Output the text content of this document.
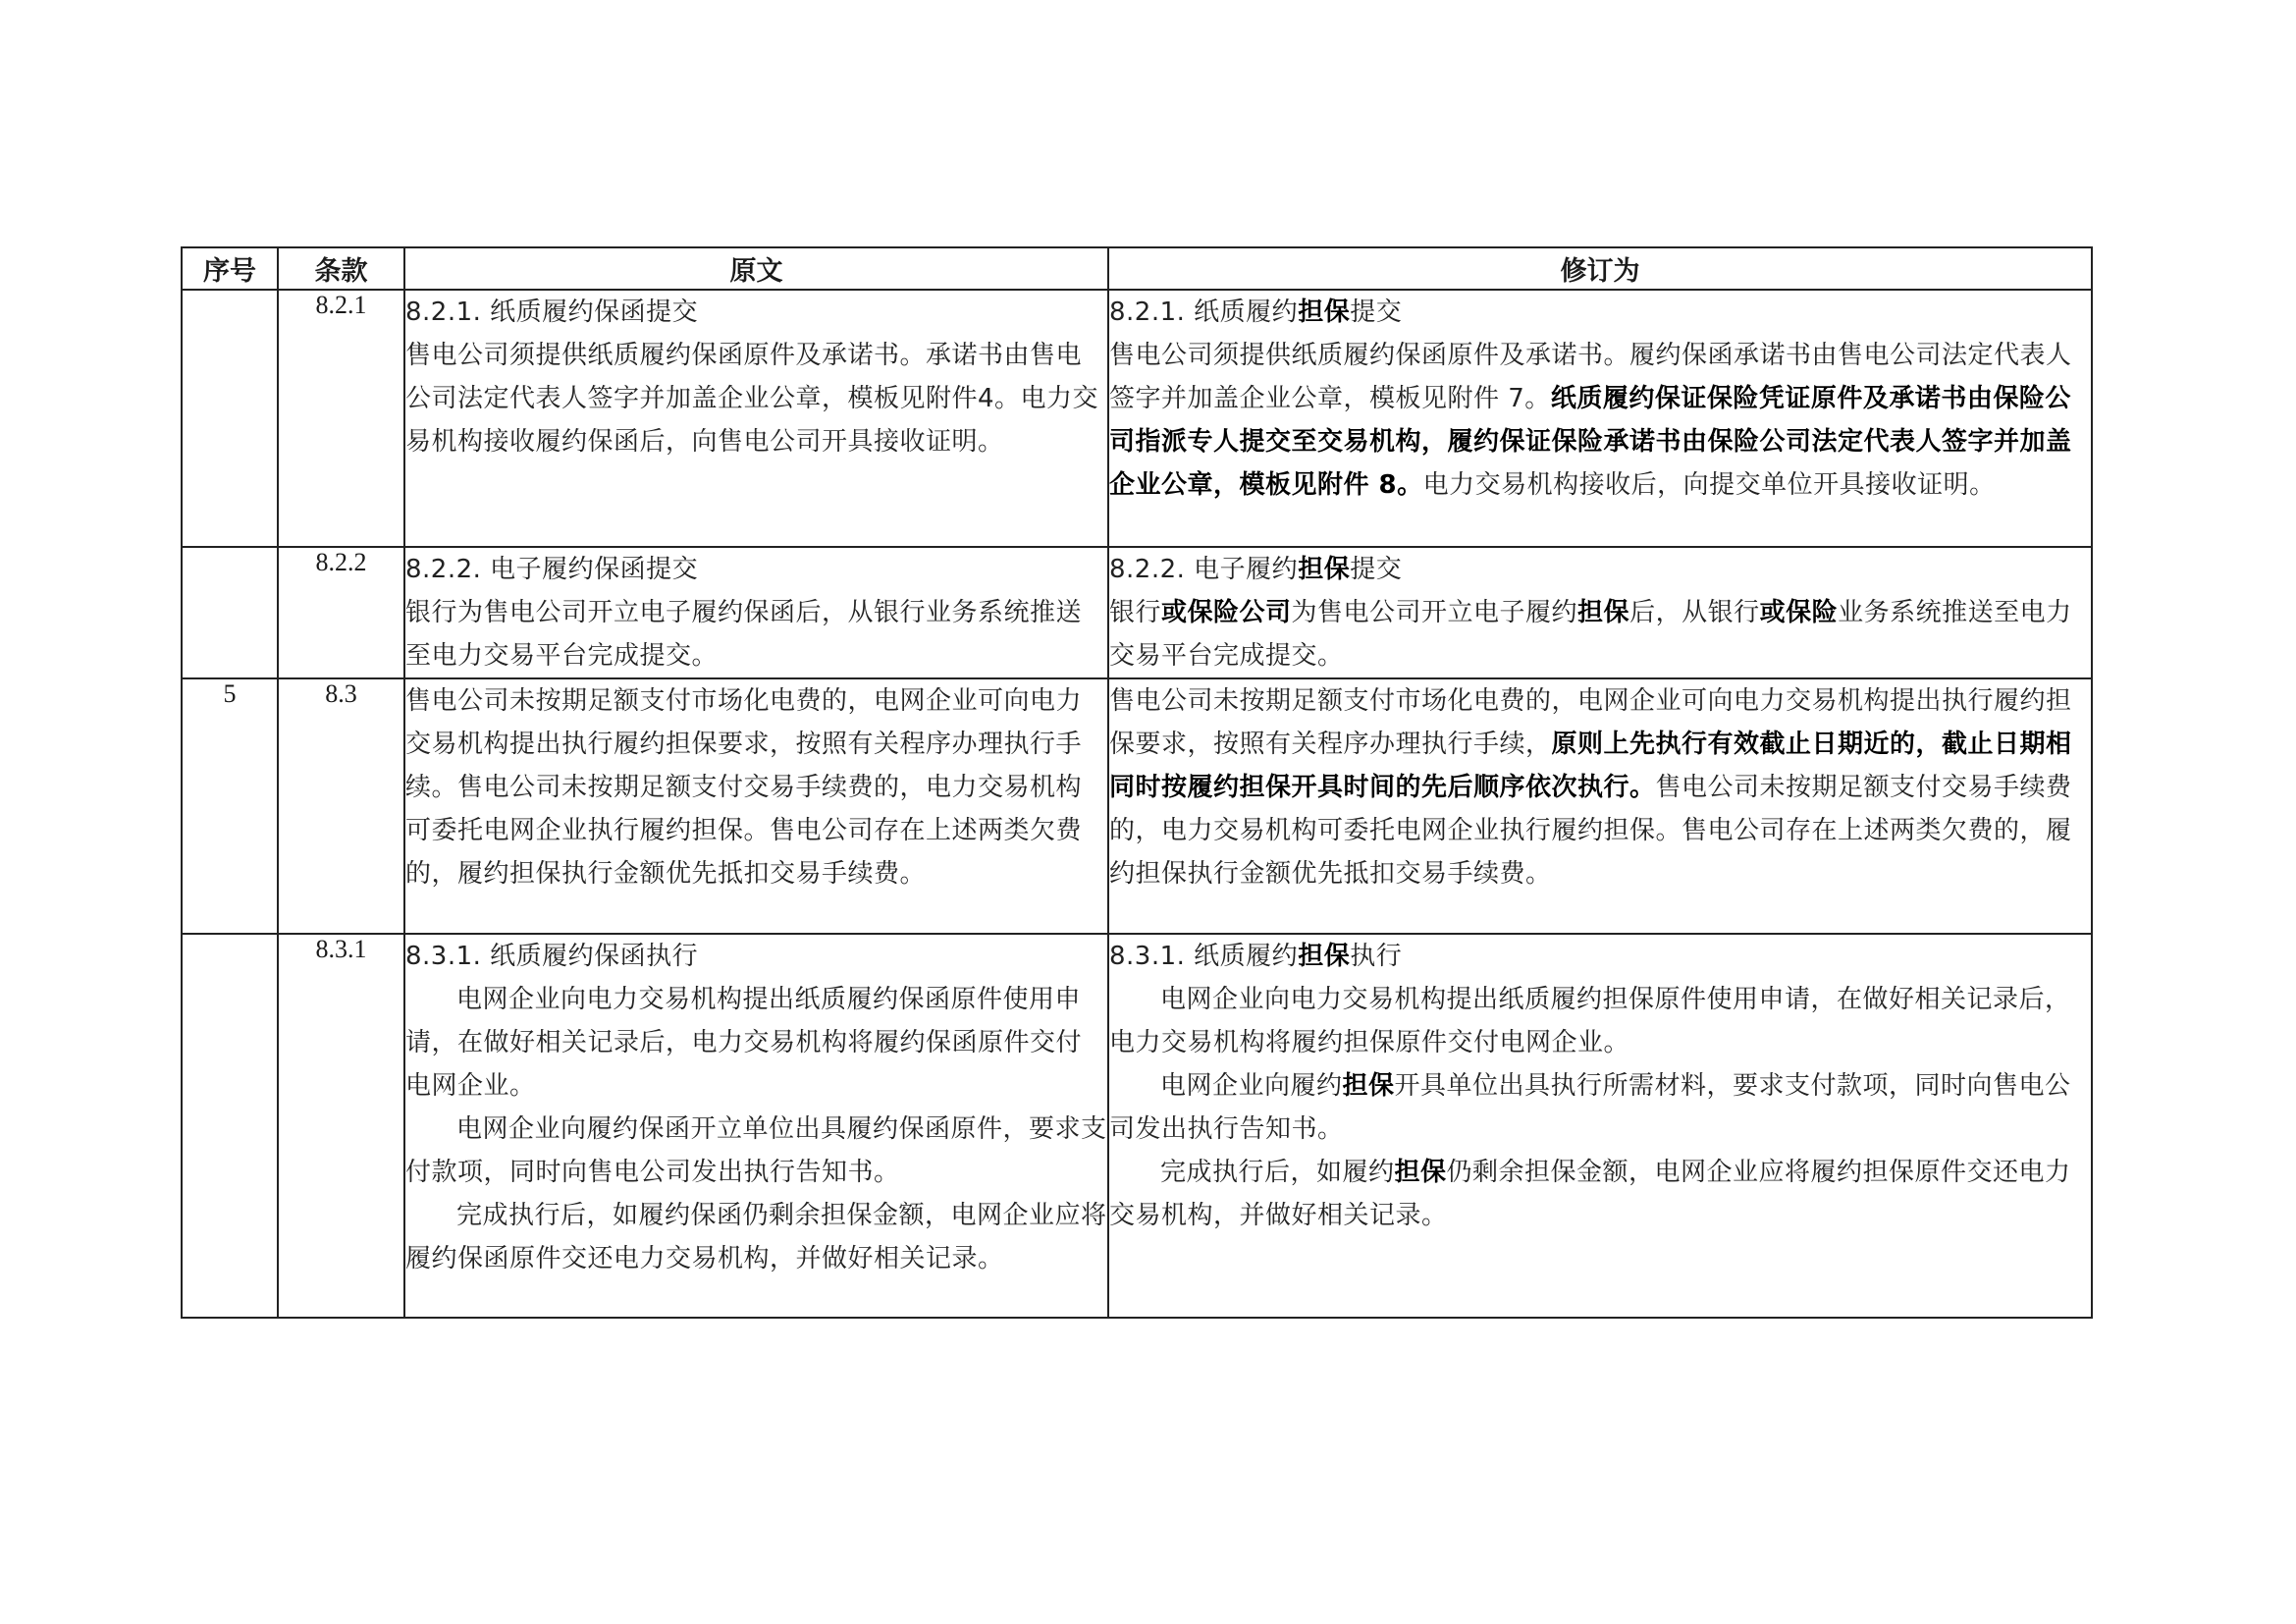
序号	条款	原文	修订为
	8.2.1	8.2.1. 纸质履约保函提交
售电公司须提供纸质履约保函原件及承诺书。承诺书由售电公司法定代表人签字并加盖企业公章，模板见附件4。电力交易机构接收履约保函后，向售电公司开具接收证明。	8.2.1. 纸质履约担保提交
售电公司须提供纸质履约保函原件及承诺书。履约保函承诺书由售电公司法定代表人签字并加盖企业公章，模板见附件 7。纸质履约保证保险凭证原件及承诺书由保险公司指派专人提交至交易机构，履约保证保险承诺书由保险公司法定代表人签字并加盖企业公章，模板见附件 8。电力交易机构接收后，向提交单位开具接收证明。

	8.2.2	8.2.2. 电子履约保函提交
银行为售电公司开立电子履约保函后，从银行业务系统推送至电力交易平台完成提交。	8.2.2. 电子履约担保提交
银行或保险公司为售电公司开立电子履约担保后，从银行或保险业务系统推送至电力交易平台完成提交。

5	8.3	售电公司未按期足额支付市场化电费的，电网企业可向电力交易机构提出执行履约担保要求，按照有关程序办理执行手续。售电公司未按期足额支付交易手续费的，电力交易机构可委托电网企业执行履约担保。售电公司存在上述两类欠费的，履约担保执行金额优先抵扣交易手续费。	售电公司未按期足额支付市场化电费的，电网企业可向电力交易机构提出执行履约担保要求，按照有关程序办理执行手续，原则上先执行有效截止日期近的，截止日期相同时按履约担保开具时间的先后顺序依次执行。售电公司未按期足额支付交易手续费的，电力交易机构可委托电网企业执行履约担保。售电公司存在上述两类欠费的，履约担保执行金额优先抵扣交易手续费。

	8.3.1	8.3.1. 纸质履约保函执行
电网企业向电力交易机构提出纸质履约保函原件使用申请，在做好相关记录后，电力交易机构将履约保函原件交付电网企业。
电网企业向履约保函开立单位出具履约保函原件，要求支付款项，同时向售电公司发出执行告知书。
完成执行后，如履约保函仍剩余担保金额，电网企业应将履约保函原件交还电力交易机构，并做好相关记录。	8.3.1. 纸质履约担保执行
电网企业向电力交易机构提出纸质履约担保原件使用申请，在做好相关记录后，电力交易机构将履约担保原件交付电网企业。
电网企业向履约担保开具单位出具执行所需材料，要求支付款项，同时向售电公司发出执行告知书。
完成执行后，如履约担保仍剩余担保金额，电网企业应将履约担保原件交还电力交易机构，并做好相关记录。
